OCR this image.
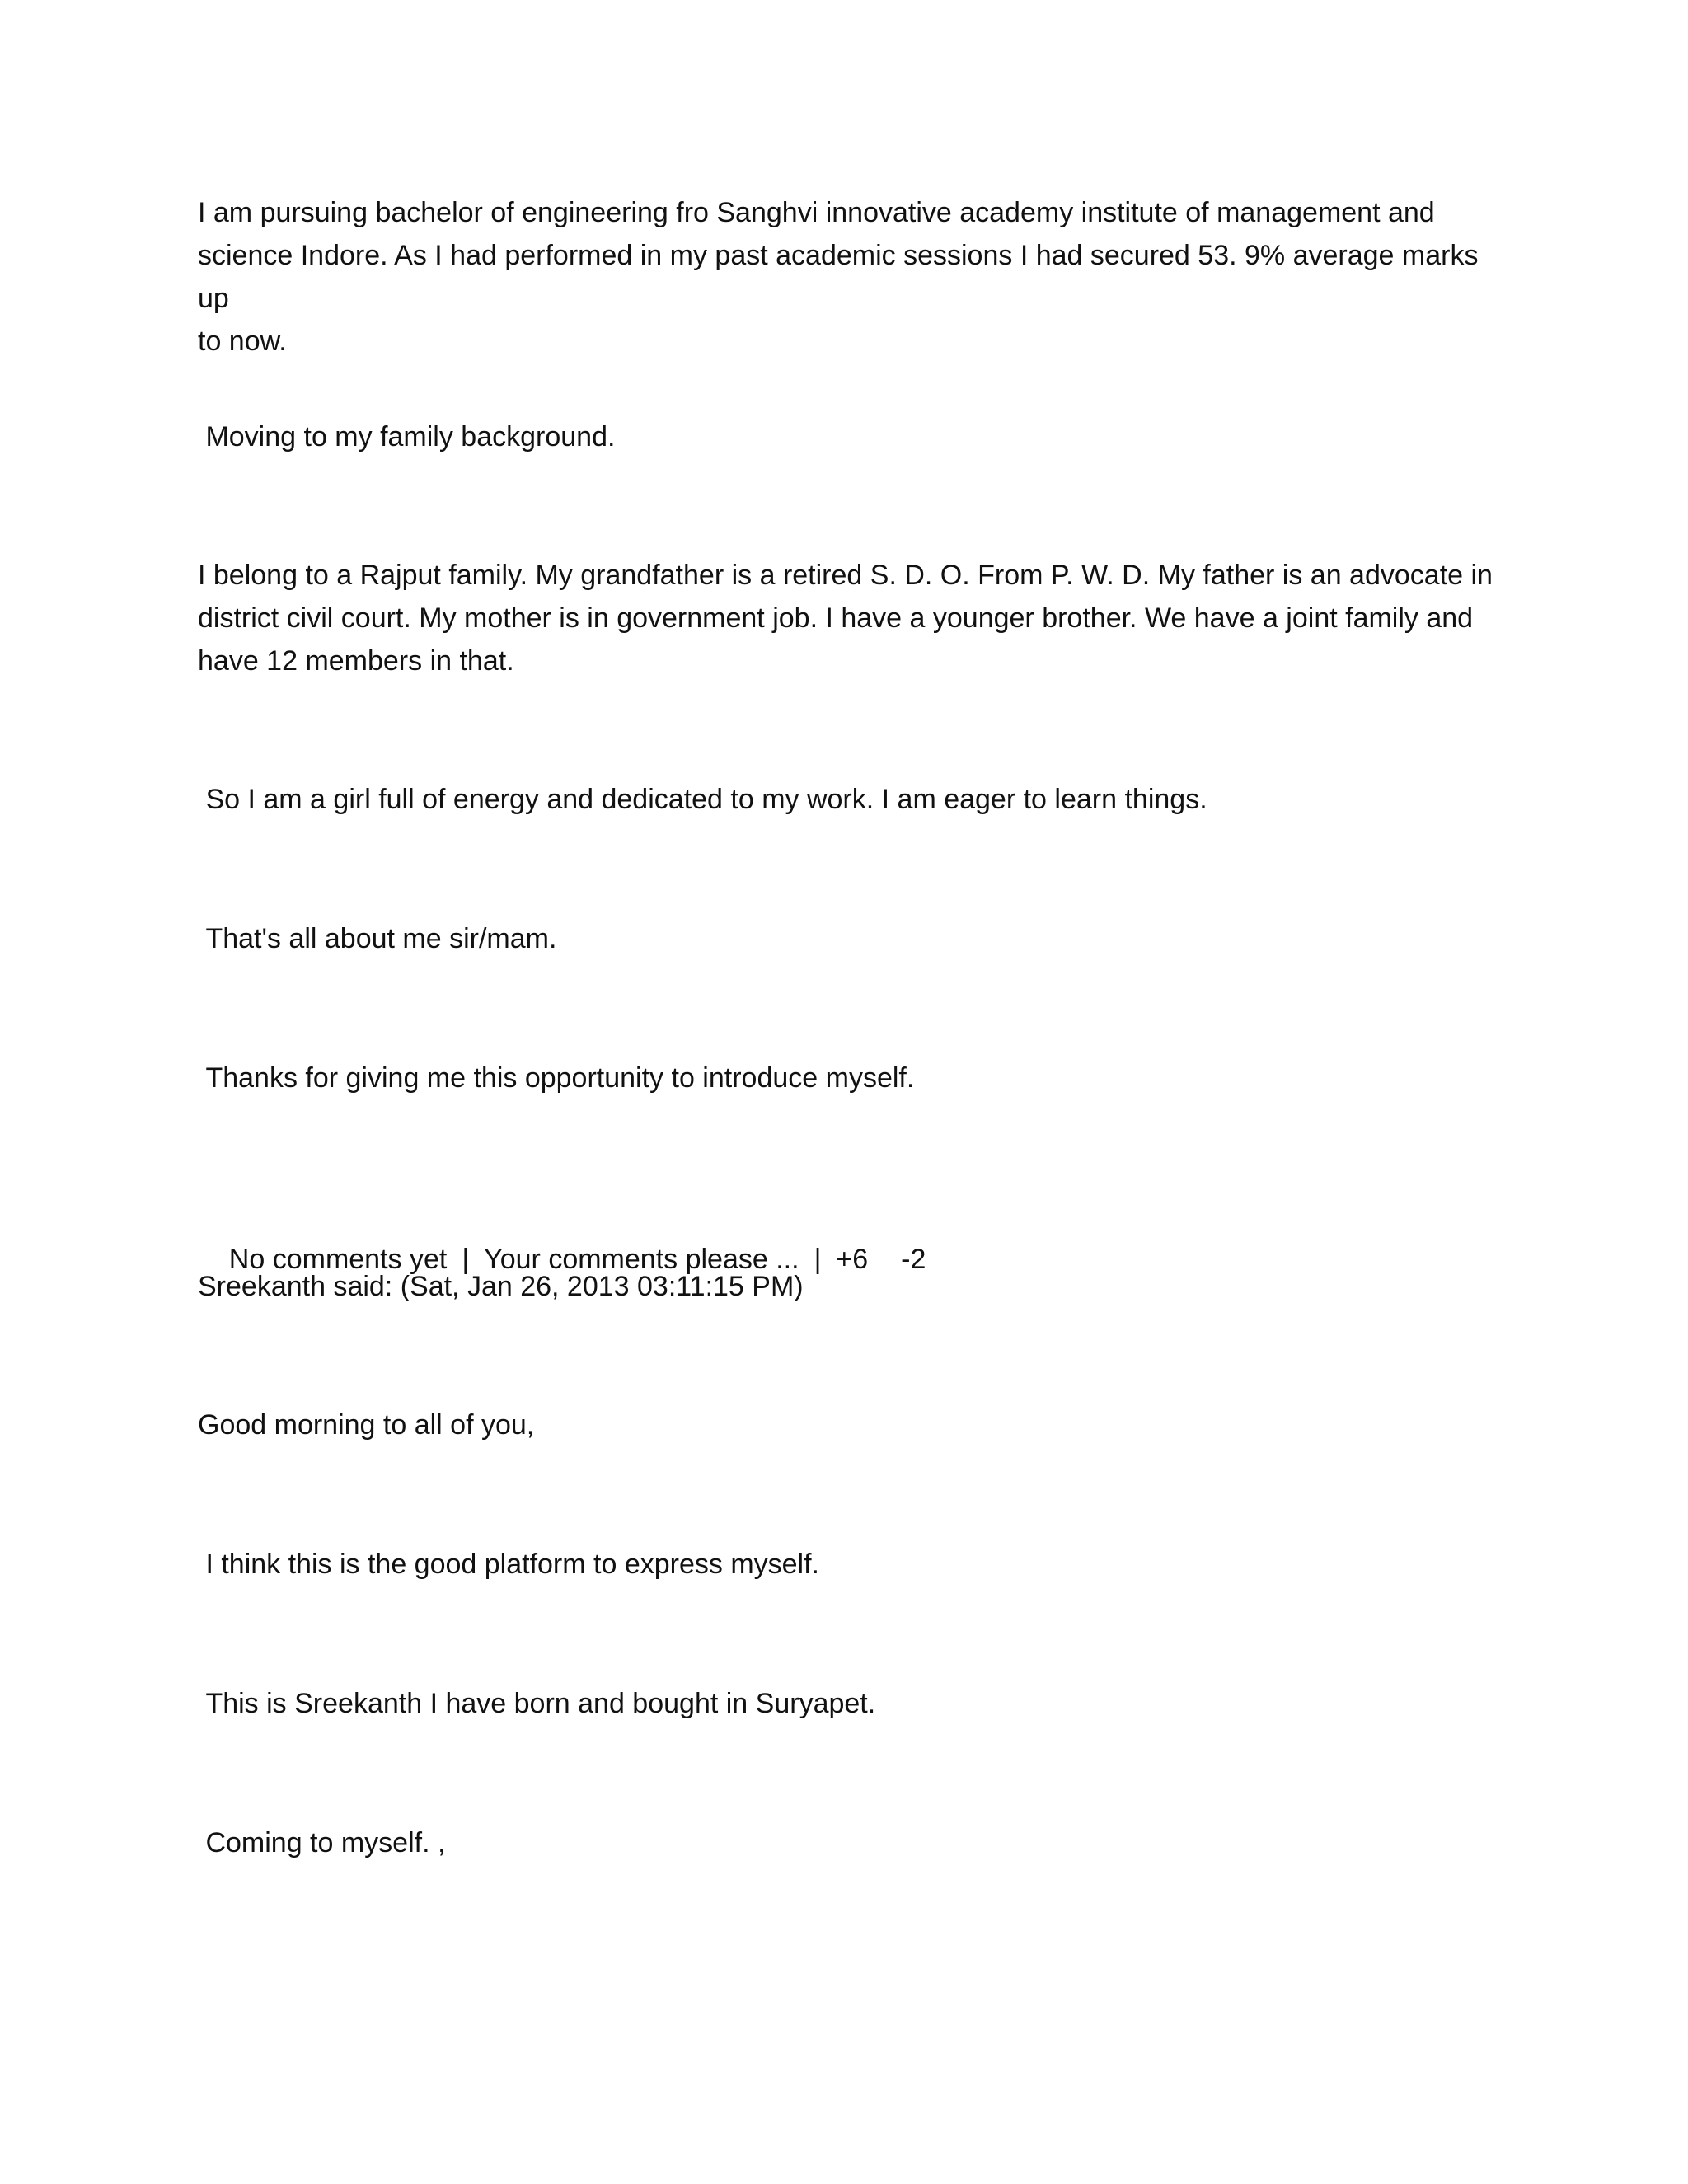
I am pursuing bachelor of engineering fro Sanghvi innovative academy institute of management and

science Indore. As I had performed in my past academic sessions I had secured 53. 9% average marks up

to now.

Moving to my family background.

I belong to a Rajput family. My grandfather is a retired S. D. O. From P. W. D. My father is an advocate in

district civil court. My mother is in government job. I have a younger brother. We have a joint family and

have 12 members in that.

So I am a girl full of energy and dedicated to my work. I am eager to learn things.
That's all about me sir/mam.
Thanks for giving me this opportunity to introduce myself.

No comments yet | Your comments please ... | +6 -2

Sreekanth said: (Sat, Jan 26, 2013 03:11:15 PM)
Good morning to all of you,
I think this is the good platform to express myself.
This is Sreekanth I have born and bought in Suryapet.
Coming to myself. ,
